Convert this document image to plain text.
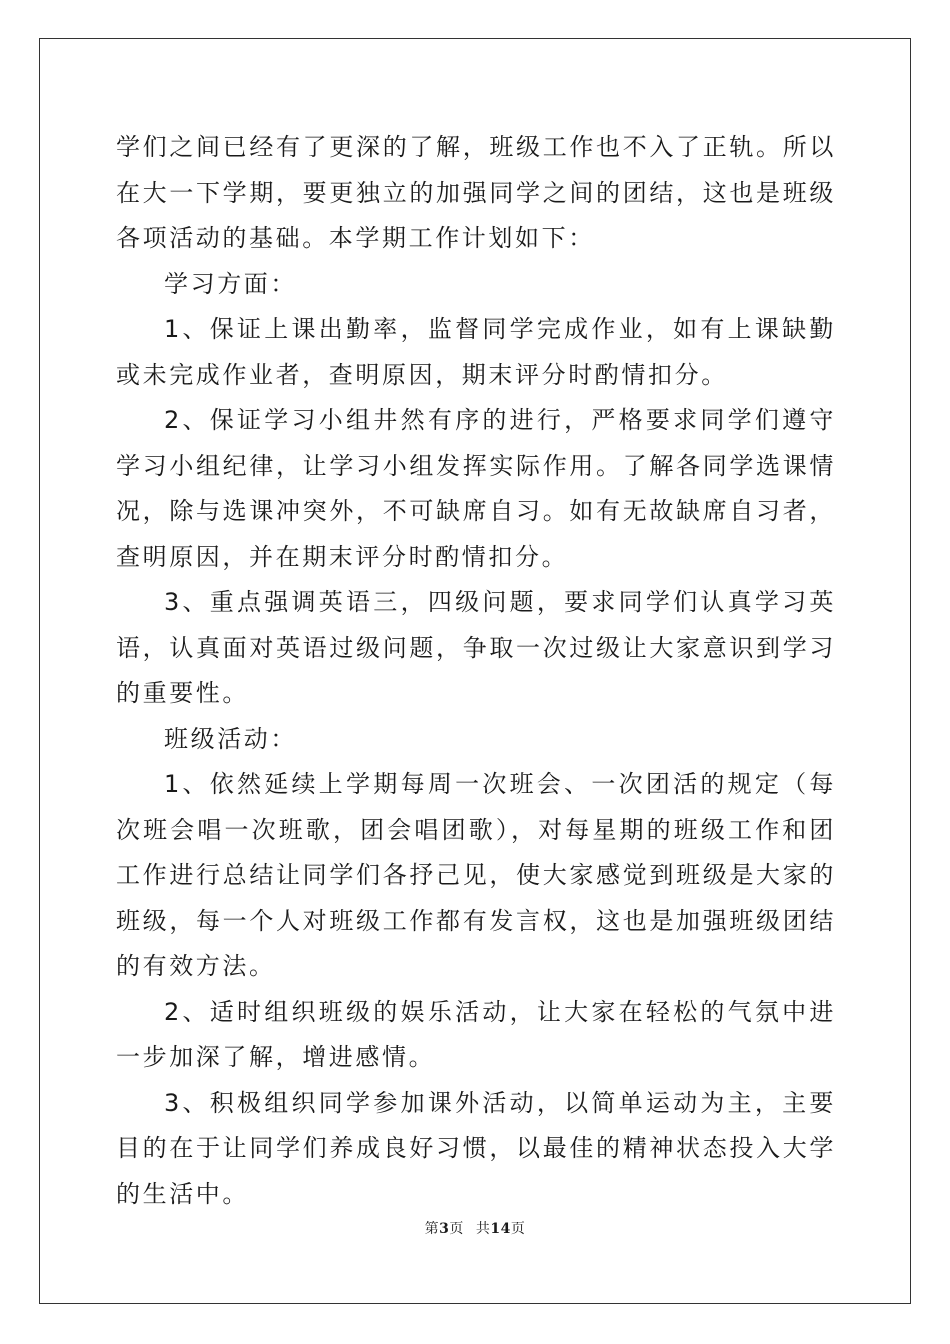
学们之间已经有了更深的了解，班级工作也不入了正轨。所以在大一下学期，要更独立的加强同学之间的团结，这也是班级各项活动的基础。本学期工作计划如下：

学习方面：

1、保证上课出勤率，监督同学完成作业，如有上课缺勤或未完成作业者，查明原因，期末评分时酌情扣分。

2、保证学习小组井然有序的进行，严格要求同学们遵守学习小组纪律，让学习小组发挥实际作用。了解各同学选课情况，除与选课冲突外，不可缺席自习。如有无故缺席自习者，查明原因，并在期末评分时酌情扣分。

3、重点强调英语三，四级问题，要求同学们认真学习英语，认真面对英语过级问题，争取一次过级让大家意识到学习的重要性。

班级活动：

1、依然延续上学期每周一次班会、一次团活的规定（每次班会唱一次班歌，团会唱团歌），对每星期的班级工作和团工作进行总结让同学们各抒己见，使大家感觉到班级是大家的班级，每一个人对班级工作都有发言权，这也是加强班级团结的有效方法。

2、适时组织班级的娱乐活动，让大家在轻松的气氛中进一步加深了解，增进感情。

3、积极组织同学参加课外活动，以简单运动为主，主要目的在于让同学们养成良好习惯，以最佳的精神状态投入大学的生活中。

第3页 共14页
